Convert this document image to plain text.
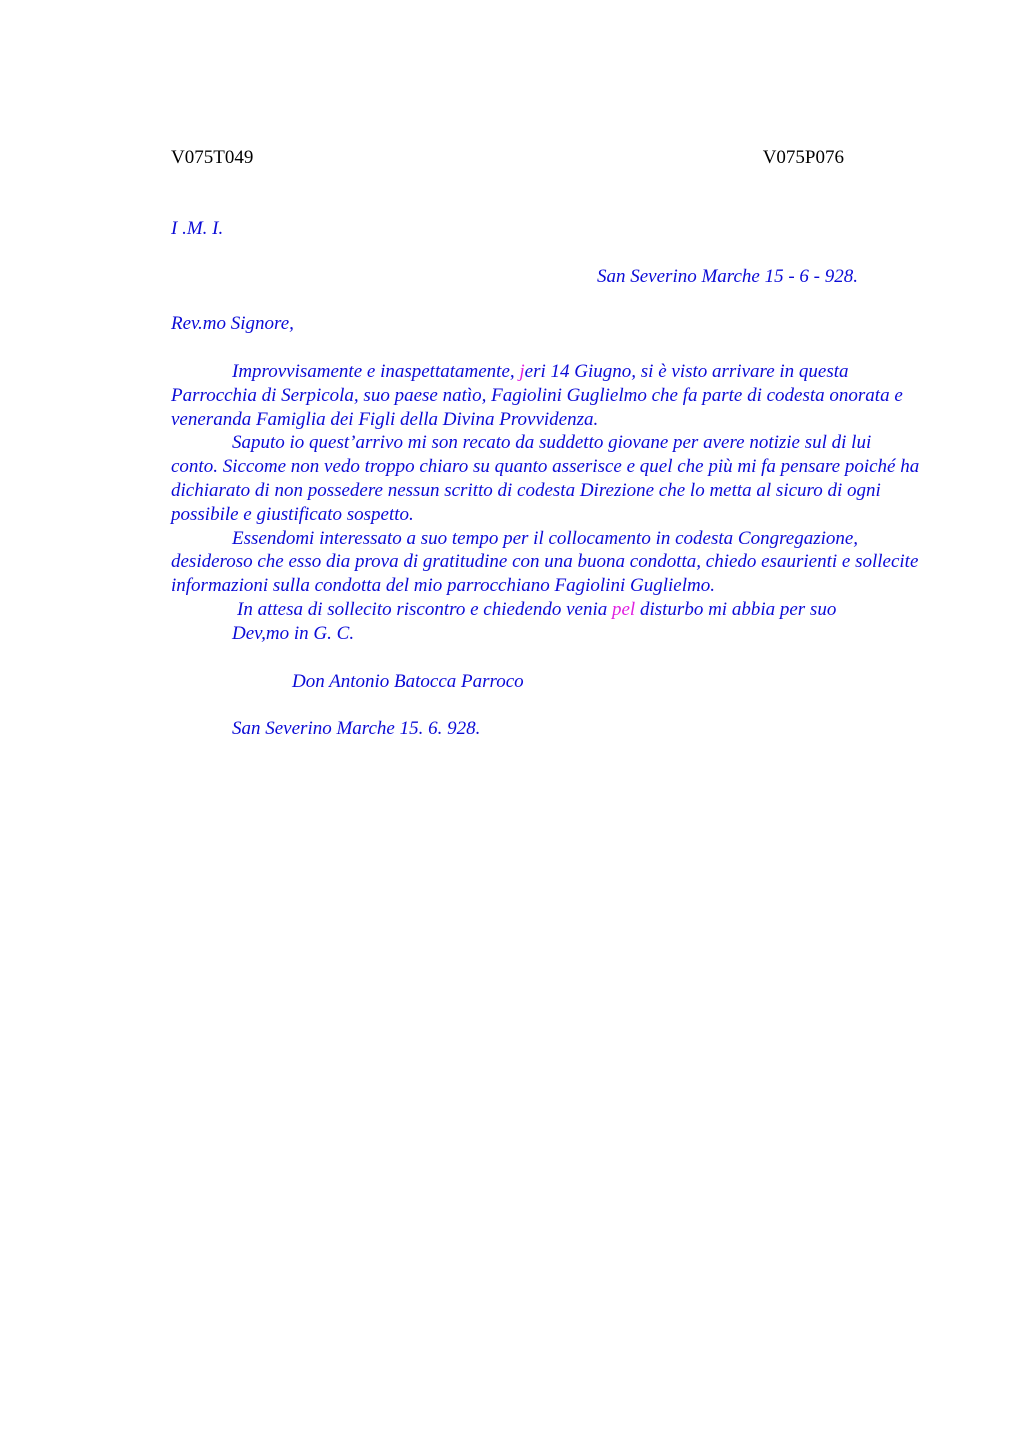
V075T049	V075P076
I .M. I.
San Severino Marche 15 - 6 - 928.
Rev.mo Signore,

Improvvisamente e inaspettatamente, jeri 14 Giugno, si è visto arrivare in questa Parrocchia di Serpicola, suo paese natìo, Fagiolini Guglielmo che fa parte di codesta onorata e veneranda Famiglia dei Figli della Divina Provvidenza.

Saputo io quest’arrivo mi son recato da suddetto giovane per avere notizie sul di lui conto. Siccome non vedo troppo chiaro su quanto asserisce e quel che più mi fa pensare poiché ha dichiarato di non possedere nessun scritto di codesta Direzione che lo metta al sicuro di ogni possibile e giustificato sospetto.

Essendomi interessato a suo tempo per il collocamento in codesta Congregazione, desideroso che esso dia prova di gratitudine con una buona condotta, chiedo esaurienti e sollecite informazioni sulla condotta del mio parrocchiano Fagiolini Guglielmo.

In attesa di sollecito riscontro e chiedendo venia pel disturbo mi abbia per suo

Dev,mo in G. C.
Don Antonio Batocca Parroco
San Severino Marche 15. 6. 928.
